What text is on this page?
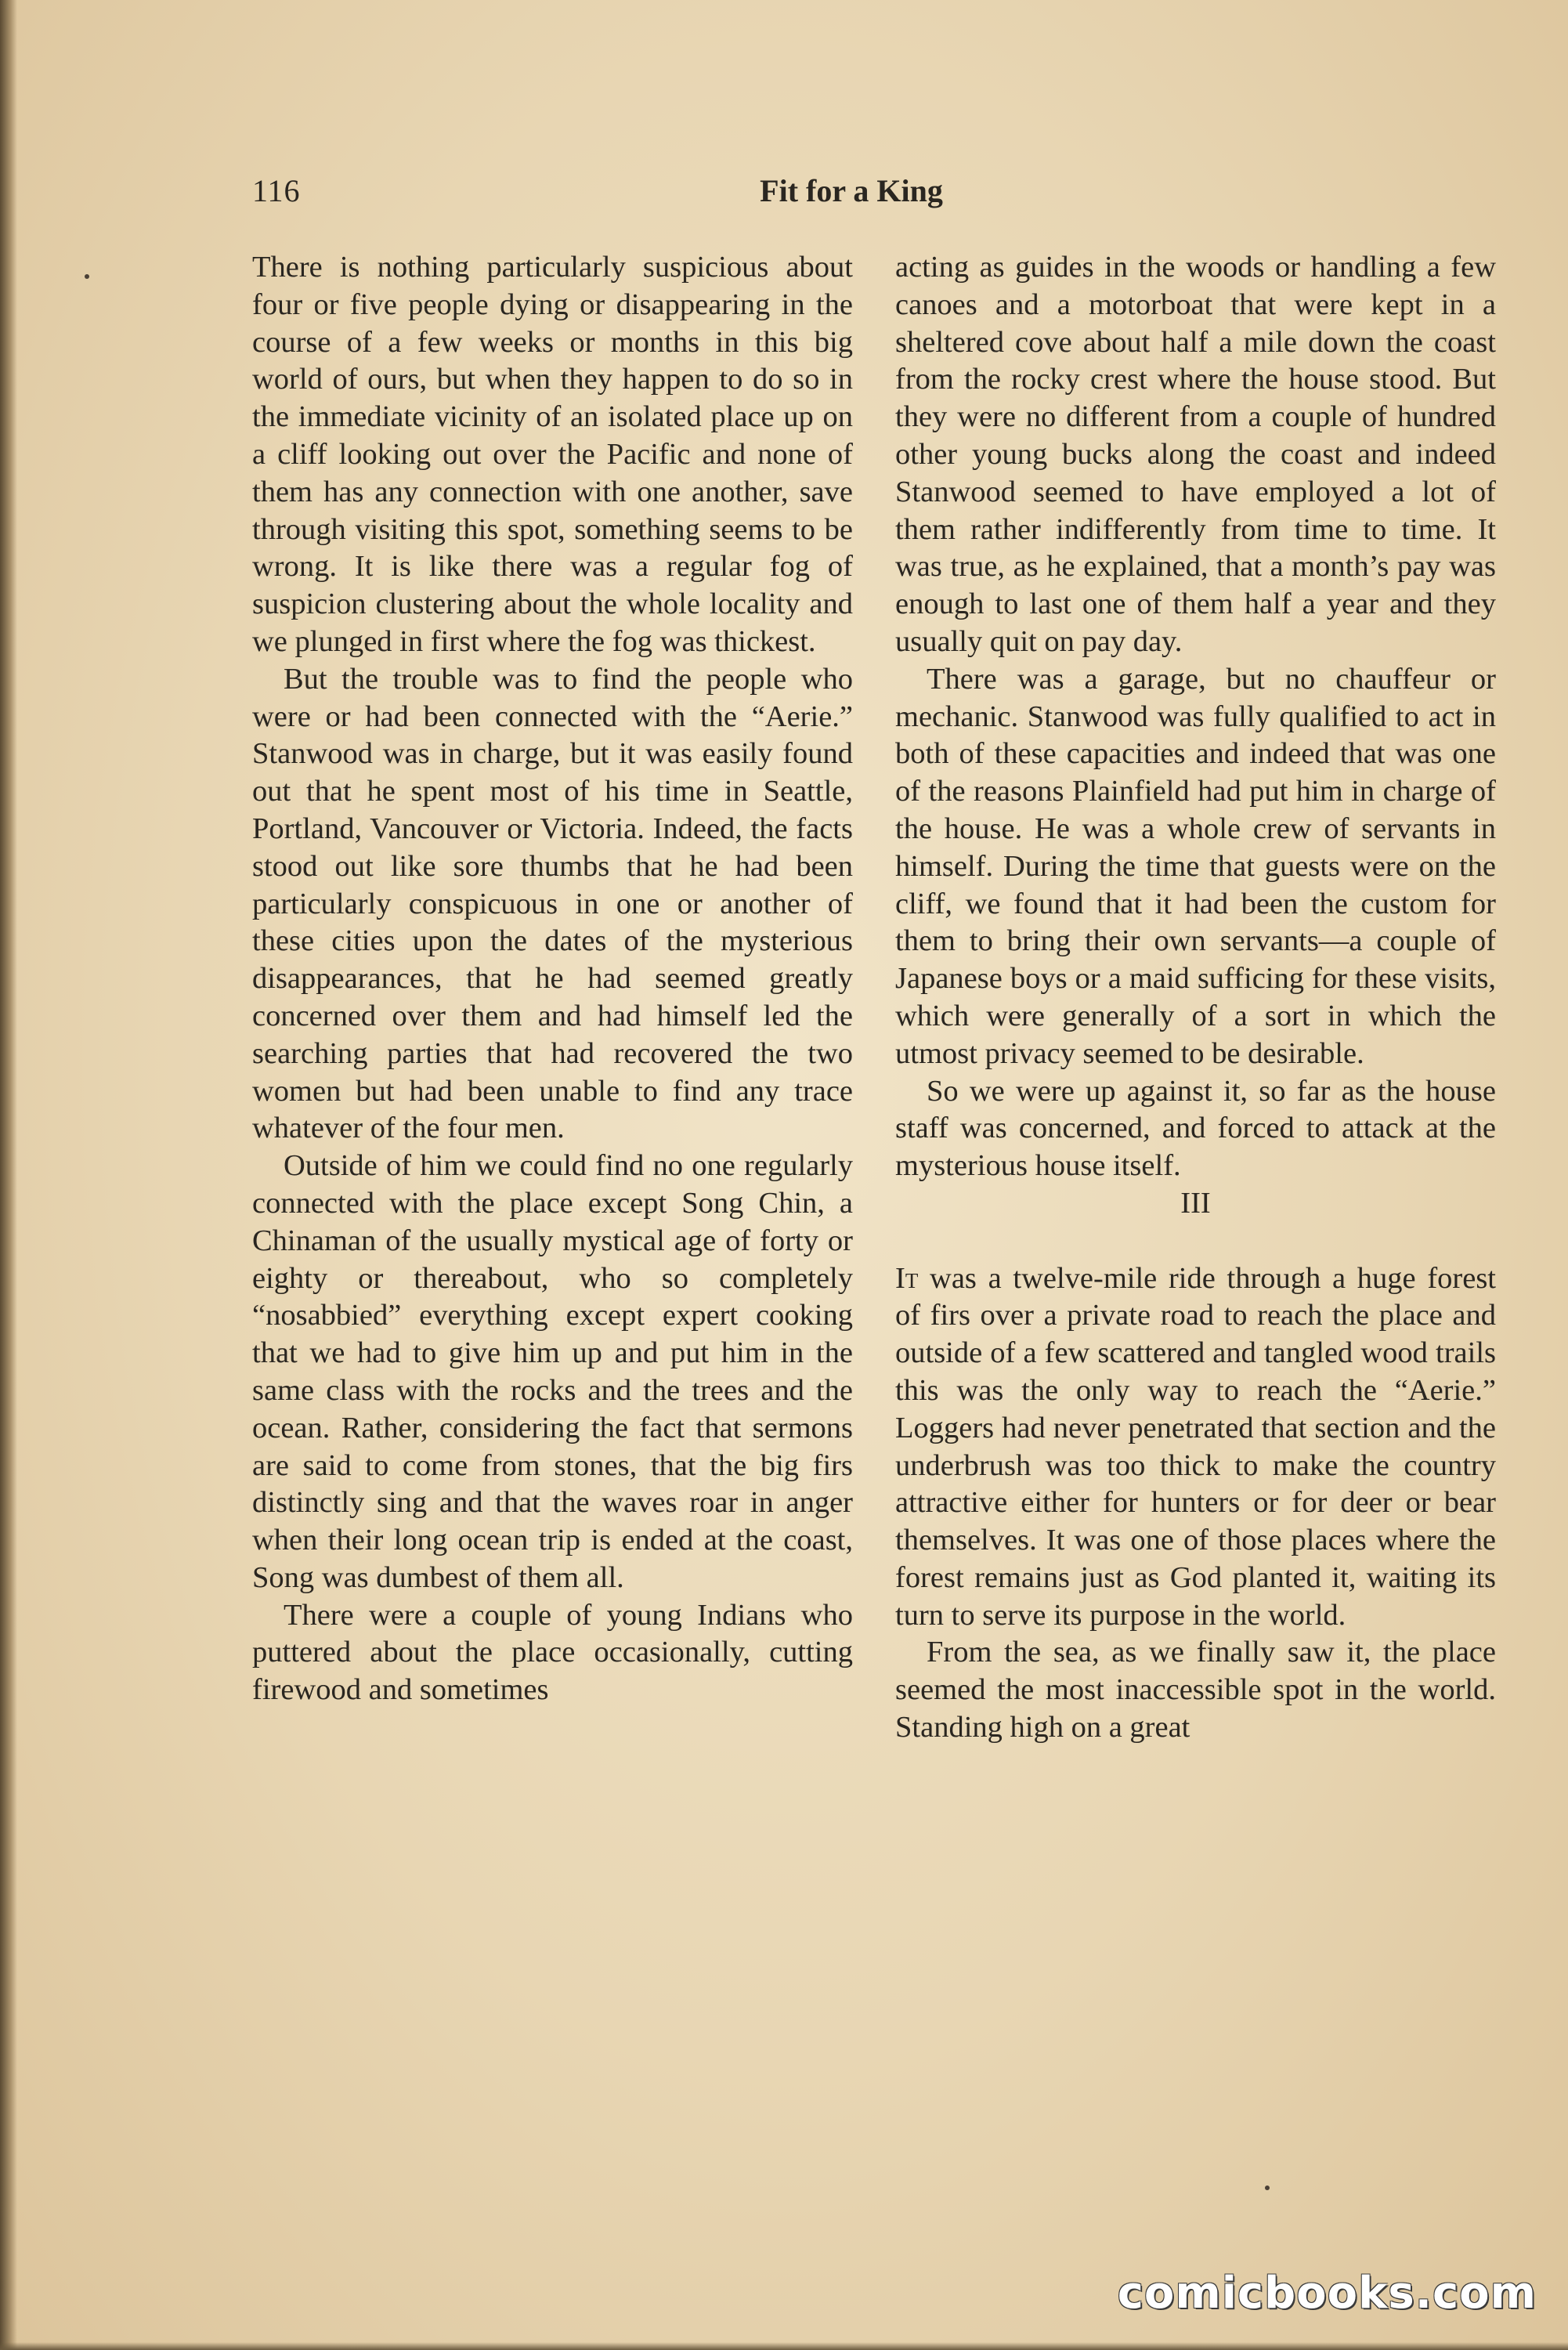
116	Fit for a King

There is nothing particularly suspicious about four or five people dying or disappearing in the course of a few weeks or months in this big world of ours, but when they happen to do so in the immediate vicinity of an isolated place up on a cliff looking out over the Pacific and none of them has any connection with one another, save through visiting this spot, something seems to be wrong. It is like there was a regular fog of suspicion clustering about the whole locality and we plunged in first where the fog was thickest.

But the trouble was to find the people who were or had been connected with the “Aerie.” Stanwood was in charge, but it was easily found out that he spent most of his time in Seattle, Portland, Vancouver or Victoria. Indeed, the facts stood out like sore thumbs that he had been particularly conspicuous in one or another of these cities upon the dates of the mysterious disappearances, that he had seemed greatly concerned over them and had himself led the searching parties that had recovered the two women but had been unable to find any trace whatever of the four men.

Outside of him we could find no one regularly connected with the place except Song Chin, a Chinaman of the usually mystical age of forty or eighty or thereabout, who so completely “nosabbied” everything except expert cooking that we had to give him up and put him in the same class with the rocks and the trees and the ocean. Rather, considering the fact that sermons are said to come from stones, that the big firs distinctly sing and that the waves roar in anger when their long ocean trip is ended at the coast, Song was dumbest of them all.

There were a couple of young Indians who puttered about the place occasionally, cutting firewood and sometimes

acting as guides in the woods or handling a few canoes and a motorboat that were kept in a sheltered cove about half a mile down the coast from the rocky crest where the house stood. But they were no different from a couple of hundred other young bucks along the coast and indeed Stanwood seemed to have employed a lot of them rather indifferently from time to time. It was true, as he explained, that a month’s pay was enough to last one of them half a year and they usually quit on pay day.

There was a garage, but no chauffeur or mechanic. Stanwood was fully qualified to act in both of these capacities and indeed that was one of the reasons Plainfield had put him in charge of the house. He was a whole crew of servants in himself. During the time that guests were on the cliff, we found that it had been the custom for them to bring their own servants—a couple of Japanese boys or a maid sufficing for these visits, which were generally of a sort in which the utmost privacy seemed to be desirable.

So we were up against it, so far as the house staff was concerned, and forced to attack at the mysterious house itself.

III

It was a twelve-mile ride through a huge forest of firs over a private road to reach the place and outside of a few scattered and tangled wood trails this was the only way to reach the “Aerie.” Loggers had never penetrated that section and the underbrush was too thick to make the country attractive either for hunters or for deer or bear themselves. It was one of those places where the forest remains just as God planted it, waiting its turn to serve its purpose in the world.

From the sea, as we finally saw it, the place seemed the most inaccessible spot in the world. Standing high on a great

comicbooks.com
